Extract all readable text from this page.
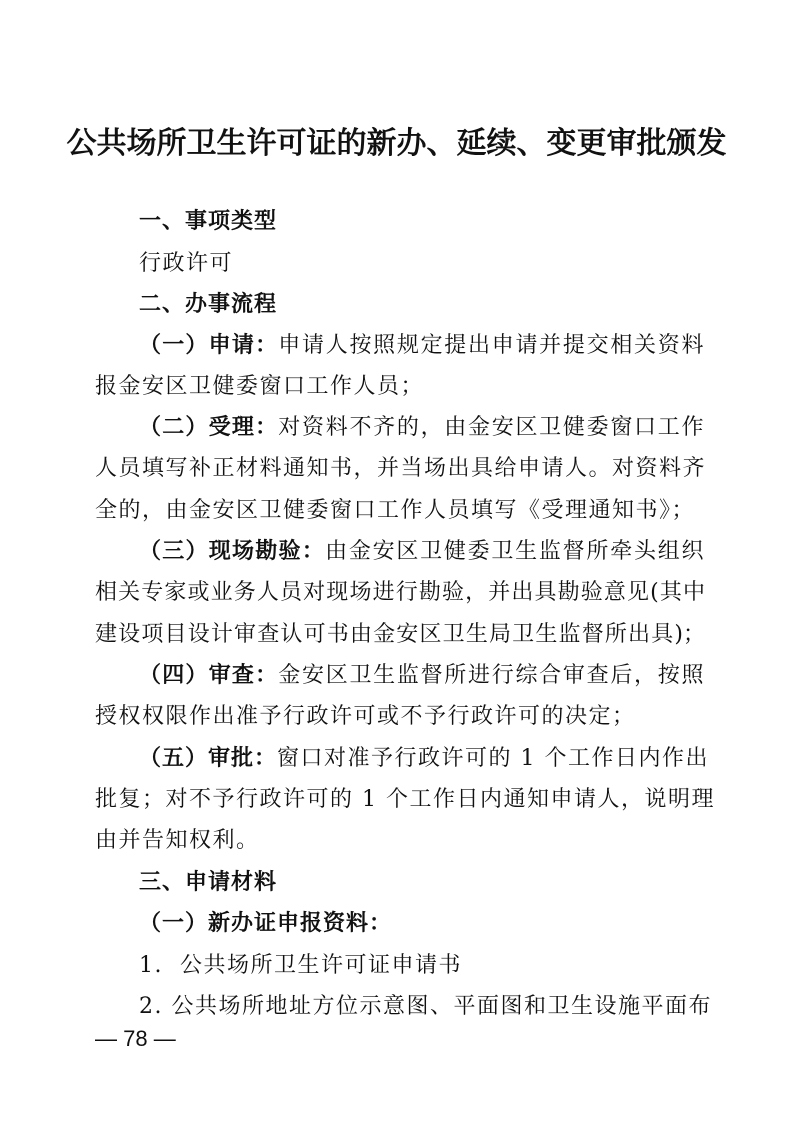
公共场所卫生许可证的新办、延续、变更审批颁发
一、事项类型
行政许可
二、办事流程
（一）申请：申请人按照规定提出申请并提交相关资料
报金安区卫健委窗口工作人员；
（二）受理：对资料不齐的，由金安区卫健委窗口工作
人员填写补正材料通知书，并当场出具给申请人。对资料齐
全的，由金安区卫健委窗口工作人员填写《受理通知书》；
（三）现场勘验：由金安区卫健委卫生监督所牵头组织
相关专家或业务人员对现场进行勘验，并出具勘验意见(其中
建设项目设计审查认可书由金安区卫生局卫生监督所出具)；
（四）审查：金安区卫生监督所进行综合审查后，按照
授权权限作出准予行政许可或不予行政许可的决定；
（五）审批：窗口对准予行政许可的 1 个工作日内作出
批复；对不予行政许可的 1 个工作日内通知申请人，说明理
由并告知权利。
三、申请材料
（一）新办证申报资料：
1.  公共场所卫生许可证申请书
2. 公共场所地址方位示意图、平面图和卫生设施平面布
— 78 —
